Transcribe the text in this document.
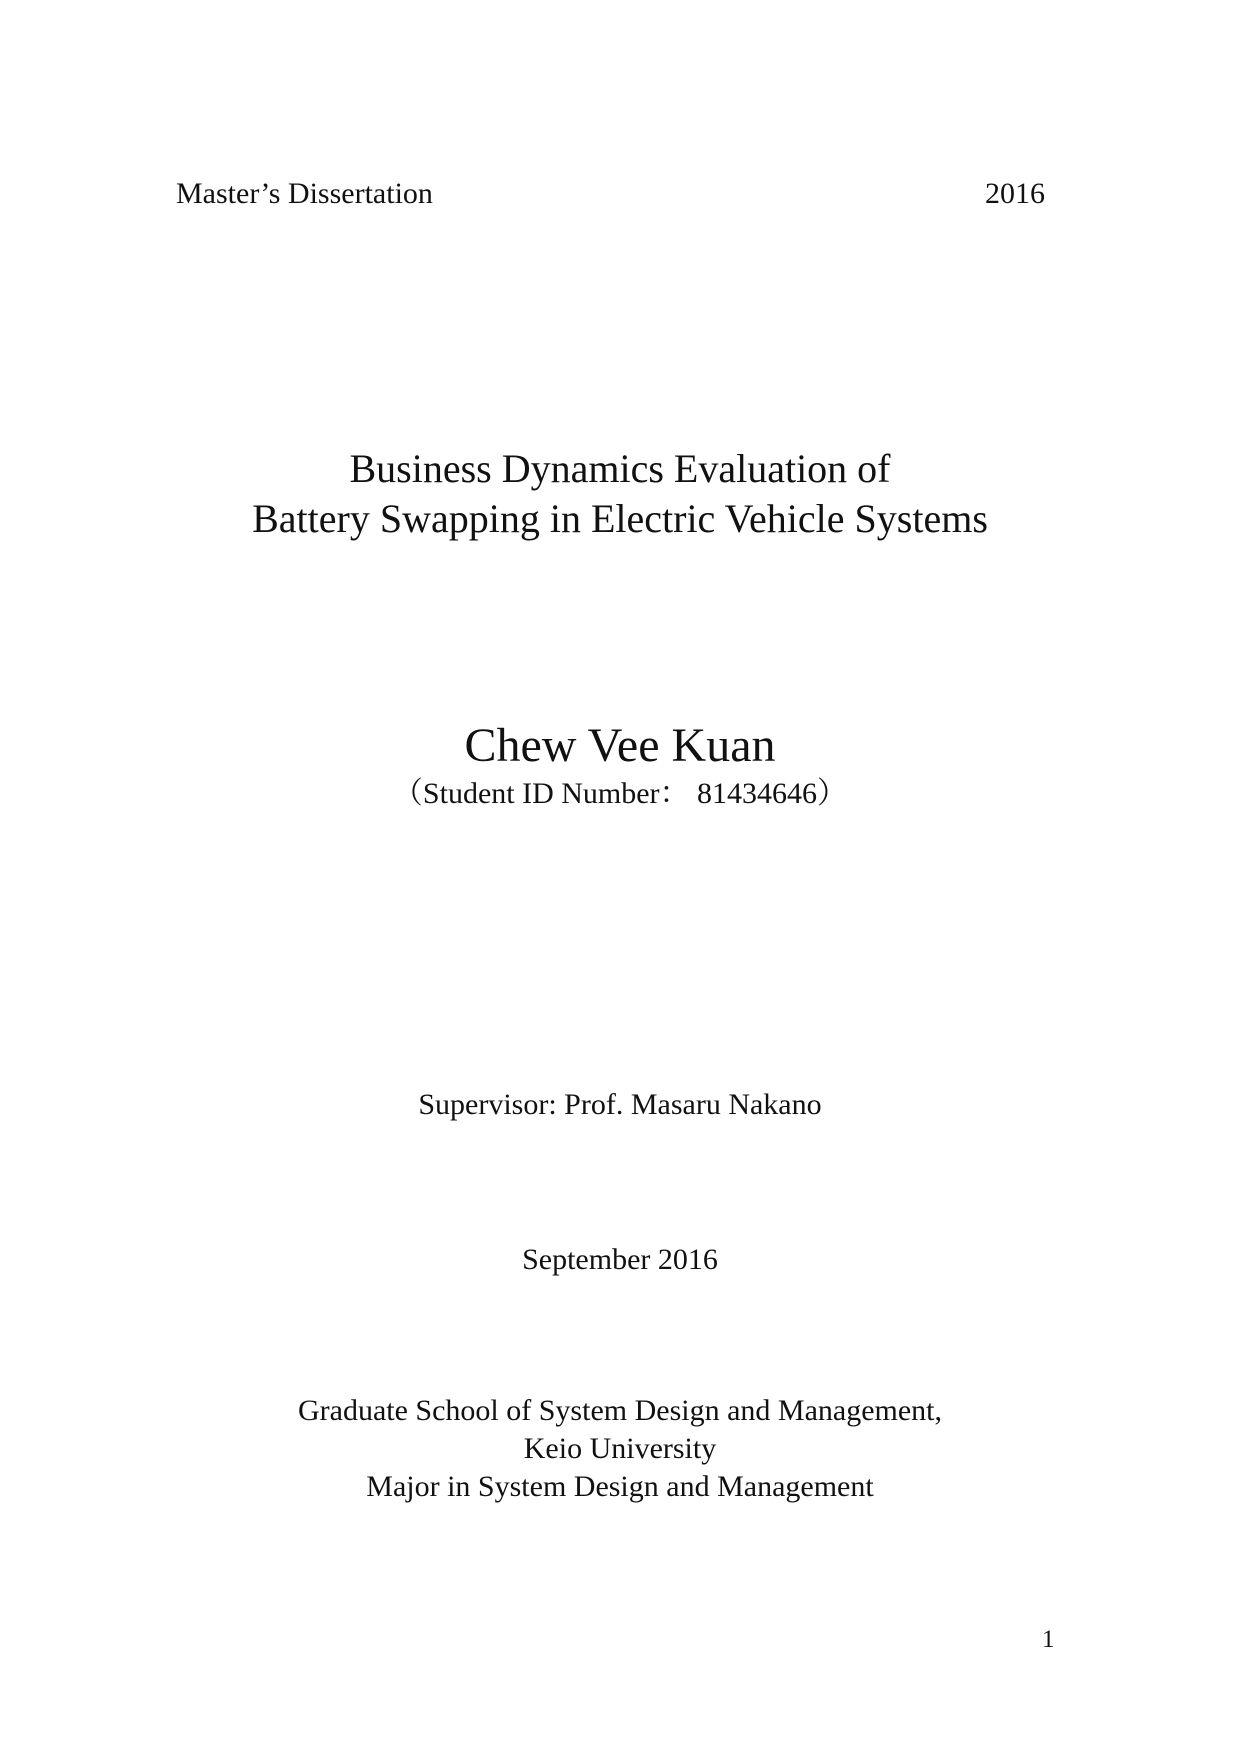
Master’s Dissertation	2016
Business Dynamics Evaluation of
Battery Swapping in Electric Vehicle Systems
Chew Vee Kuan
（Student ID Number： 81434646）
Supervisor: Prof. Masaru Nakano
September 2016
Graduate School of System Design and Management,
Keio University
Major in System Design and Management
1
